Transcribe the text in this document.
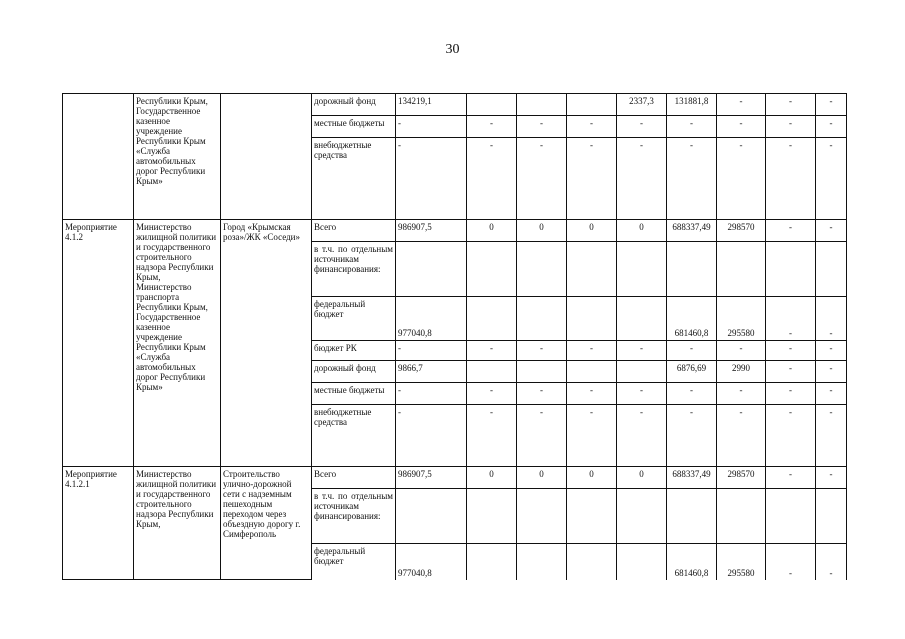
30
	Республики Крым, Государственное казенное учреждение Республики Крым «Служба автомобильных дорог Республики Крым»		дорожный фонд	134219,1				2337,3	131881,8	-	-	-
			местные бюджеты	-	-	-	-	-	-	-	-	-
			внебюджетные средства	-	-	-	-	-	-	-	-	-
Мероприятие 4.1.2	Министерство жилищной политики и государственного строительного надзора Республики Крым, Министерство транспорта Республики Крым, Государственное казенное учреждение Республики Крым «Служба автомобильных дорог Республики Крым»	Город «Крымская роза»/ЖК «Соседи»	Всего	986907,5	0	0	0	0	688337,49	298570	-	-
			в т.ч. по отдельным источникам финансирования:									
			федеральный бюджет	977040,8					681460,8	295580	-	-
			бюджет РК	-	-	-	-	-	-	-	-	-
			дорожный фонд	9866,7					6876,69	2990	-	-
			местные бюджеты	-	-	-	-	-	-	-	-	-
			внебюджетные средства	-	-	-	-	-	-	-	-	-
Мероприятие 4.1.2.1	Министерство жилищной политики и государственного строительного надзора Республики Крым,	Строительство улично-дорожной сети с надземным пешеходным переходом через объездную дорогу г. Симферополь	Всего	986907,5	0	0	0	0	688337,49	298570	-	-
			в т.ч. по отдельным источникам финансирования:									
			федеральный бюджет	977040,8					681460,8	295580	-	-
